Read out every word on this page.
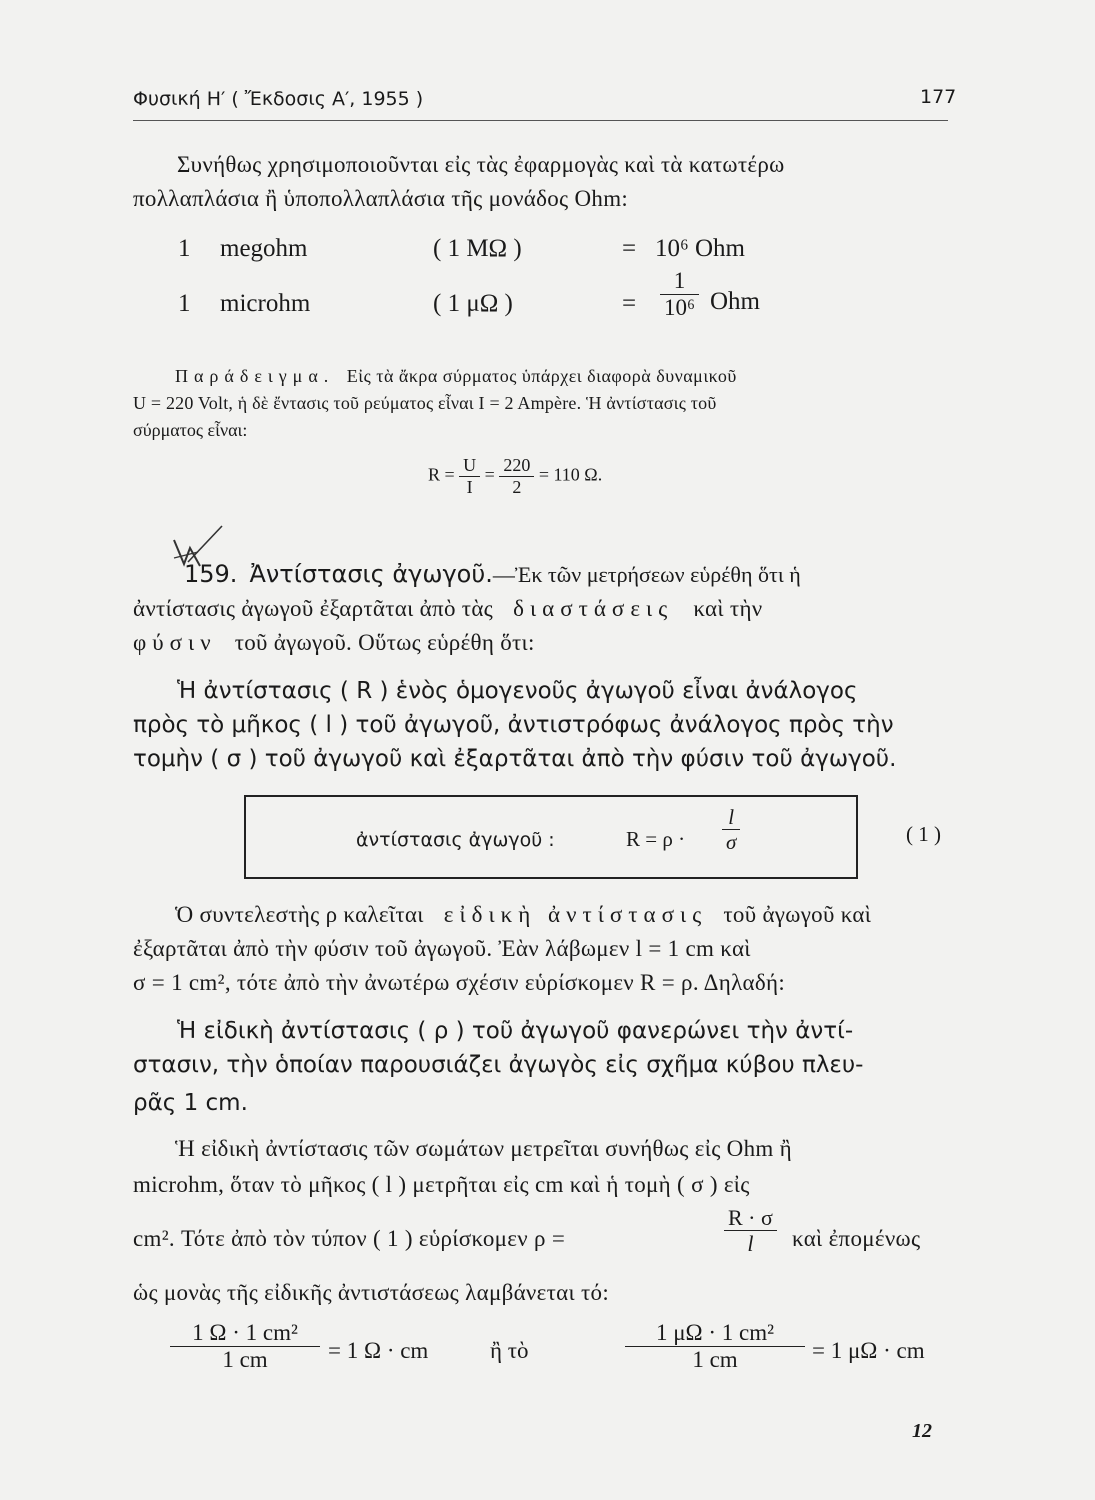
Φυσική Η′ ( Ἔκδοσις Α′, 1955 )	177
Συνήθως χρησιμοποιοῦνται εἰς τὰς ἐφαρμογὰς καὶ τὰ κατωτέρω
πολλαπλάσια ἢ ὑποπολλαπλάσια τῆς μονάδος Ohm:
1 megohm	( 1 MΩ )	= 10⁶ Ohm
1 microhm	( 1 μΩ )	= $\frac{1}{\text{10⁶}}$ Ohm
Παράδειγμα. Εἰς τὰ ἄκρα σύρματος ὑπάρχει διαφορὰ δυναμικοῦ
U = 220 Volt, ἡ δὲ ἔντασις τοῦ ρεύματος εἶναι I = 2 Ampère. Ἡ ἀντίστασις τοῦ
σύρματος εἶναι:
$R = \frac{U}{I} = \frac{220}{2} = 110$ Ω.
159. Ἀντίστασις ἀγωγοῦ.—Ἐκ τῶν μετρήσεων εὑρέθη ὅτι ἡ
ἀντίστασις ἀγωγοῦ ἐξαρτᾶται ἀπὸ τὰς διαστάσεις καὶ τὴν
φύσιν τοῦ ἀγωγοῦ. Οὕτως εὑρέθη ὅτι:
Ἡ ἀντίστασις ( R ) ἑνὸς ὁμογενοῦς ἀγωγοῦ εἶναι ἀνάλογος
πρὸς τὸ μῆκος ( l ) τοῦ ἀγωγοῦ, ἀντιστρόφως ἀνάλογος πρὸς τὴν
τομὴν ( σ ) τοῦ ἀγωγοῦ καὶ ἐξαρτᾶται ἀπὸ τὴν φύσιν τοῦ ἀγωγοῦ.
ἀντίστασις ἀγωγοῦ :	$R = \rho \cdot \frac{l}{\sigma}$	( 1 )
Ὁ συντελεστὴς ρ καλεῖται εἰδικὴ ἀντίστασις τοῦ ἀγωγοῦ καὶ
ἐξαρτᾶται ἀπὸ τὴν φύσιν τοῦ ἀγωγοῦ. Ἐὰν λάβωμεν l = 1 cm καὶ
σ = 1 cm², τότε ἀπὸ τὴν ἀνωτέρω σχέσιν εὑρίσκομεν R = ρ. Δηλαδή:
Ἡ εἰδικὴ ἀντίστασις ( ρ ) τοῦ ἀγωγοῦ φανερώνει τὴν ἀντί-
στασιν, τὴν ὁποίαν παρουσιάζει ἀγωγὸς εἰς σχῆμα κύβου πλευ-
ρᾶς 1 cm.
Ἡ εἰδικὴ ἀντίστασις τῶν σωμάτων μετρεῖται συνήθως εἰς Ohm ἢ
microhm, ὅταν τὸ μῆκος ( l ) μετρῆται εἰς cm καὶ ἡ τομὴ ( σ ) εἰς
cm². Τότε ἀπὸ τὸν τύπον ( 1 ) εὑρίσκομεν ρ =	$\frac{R \cdot \sigma}{l}$ καὶ ἐπομένως
ὡς μονὰς τῆς εἰδικῆς ἀντιστάσεως λαμβάνεται τό:
$\frac{\text{1 Ω · 1 cm²}}{1 cm} = 1$ Ω · cm	ἢ τὸ	$\frac{\text{1 μΩ · 1 cm²}}{1 cm} = 1$ μΩ · cm
12
